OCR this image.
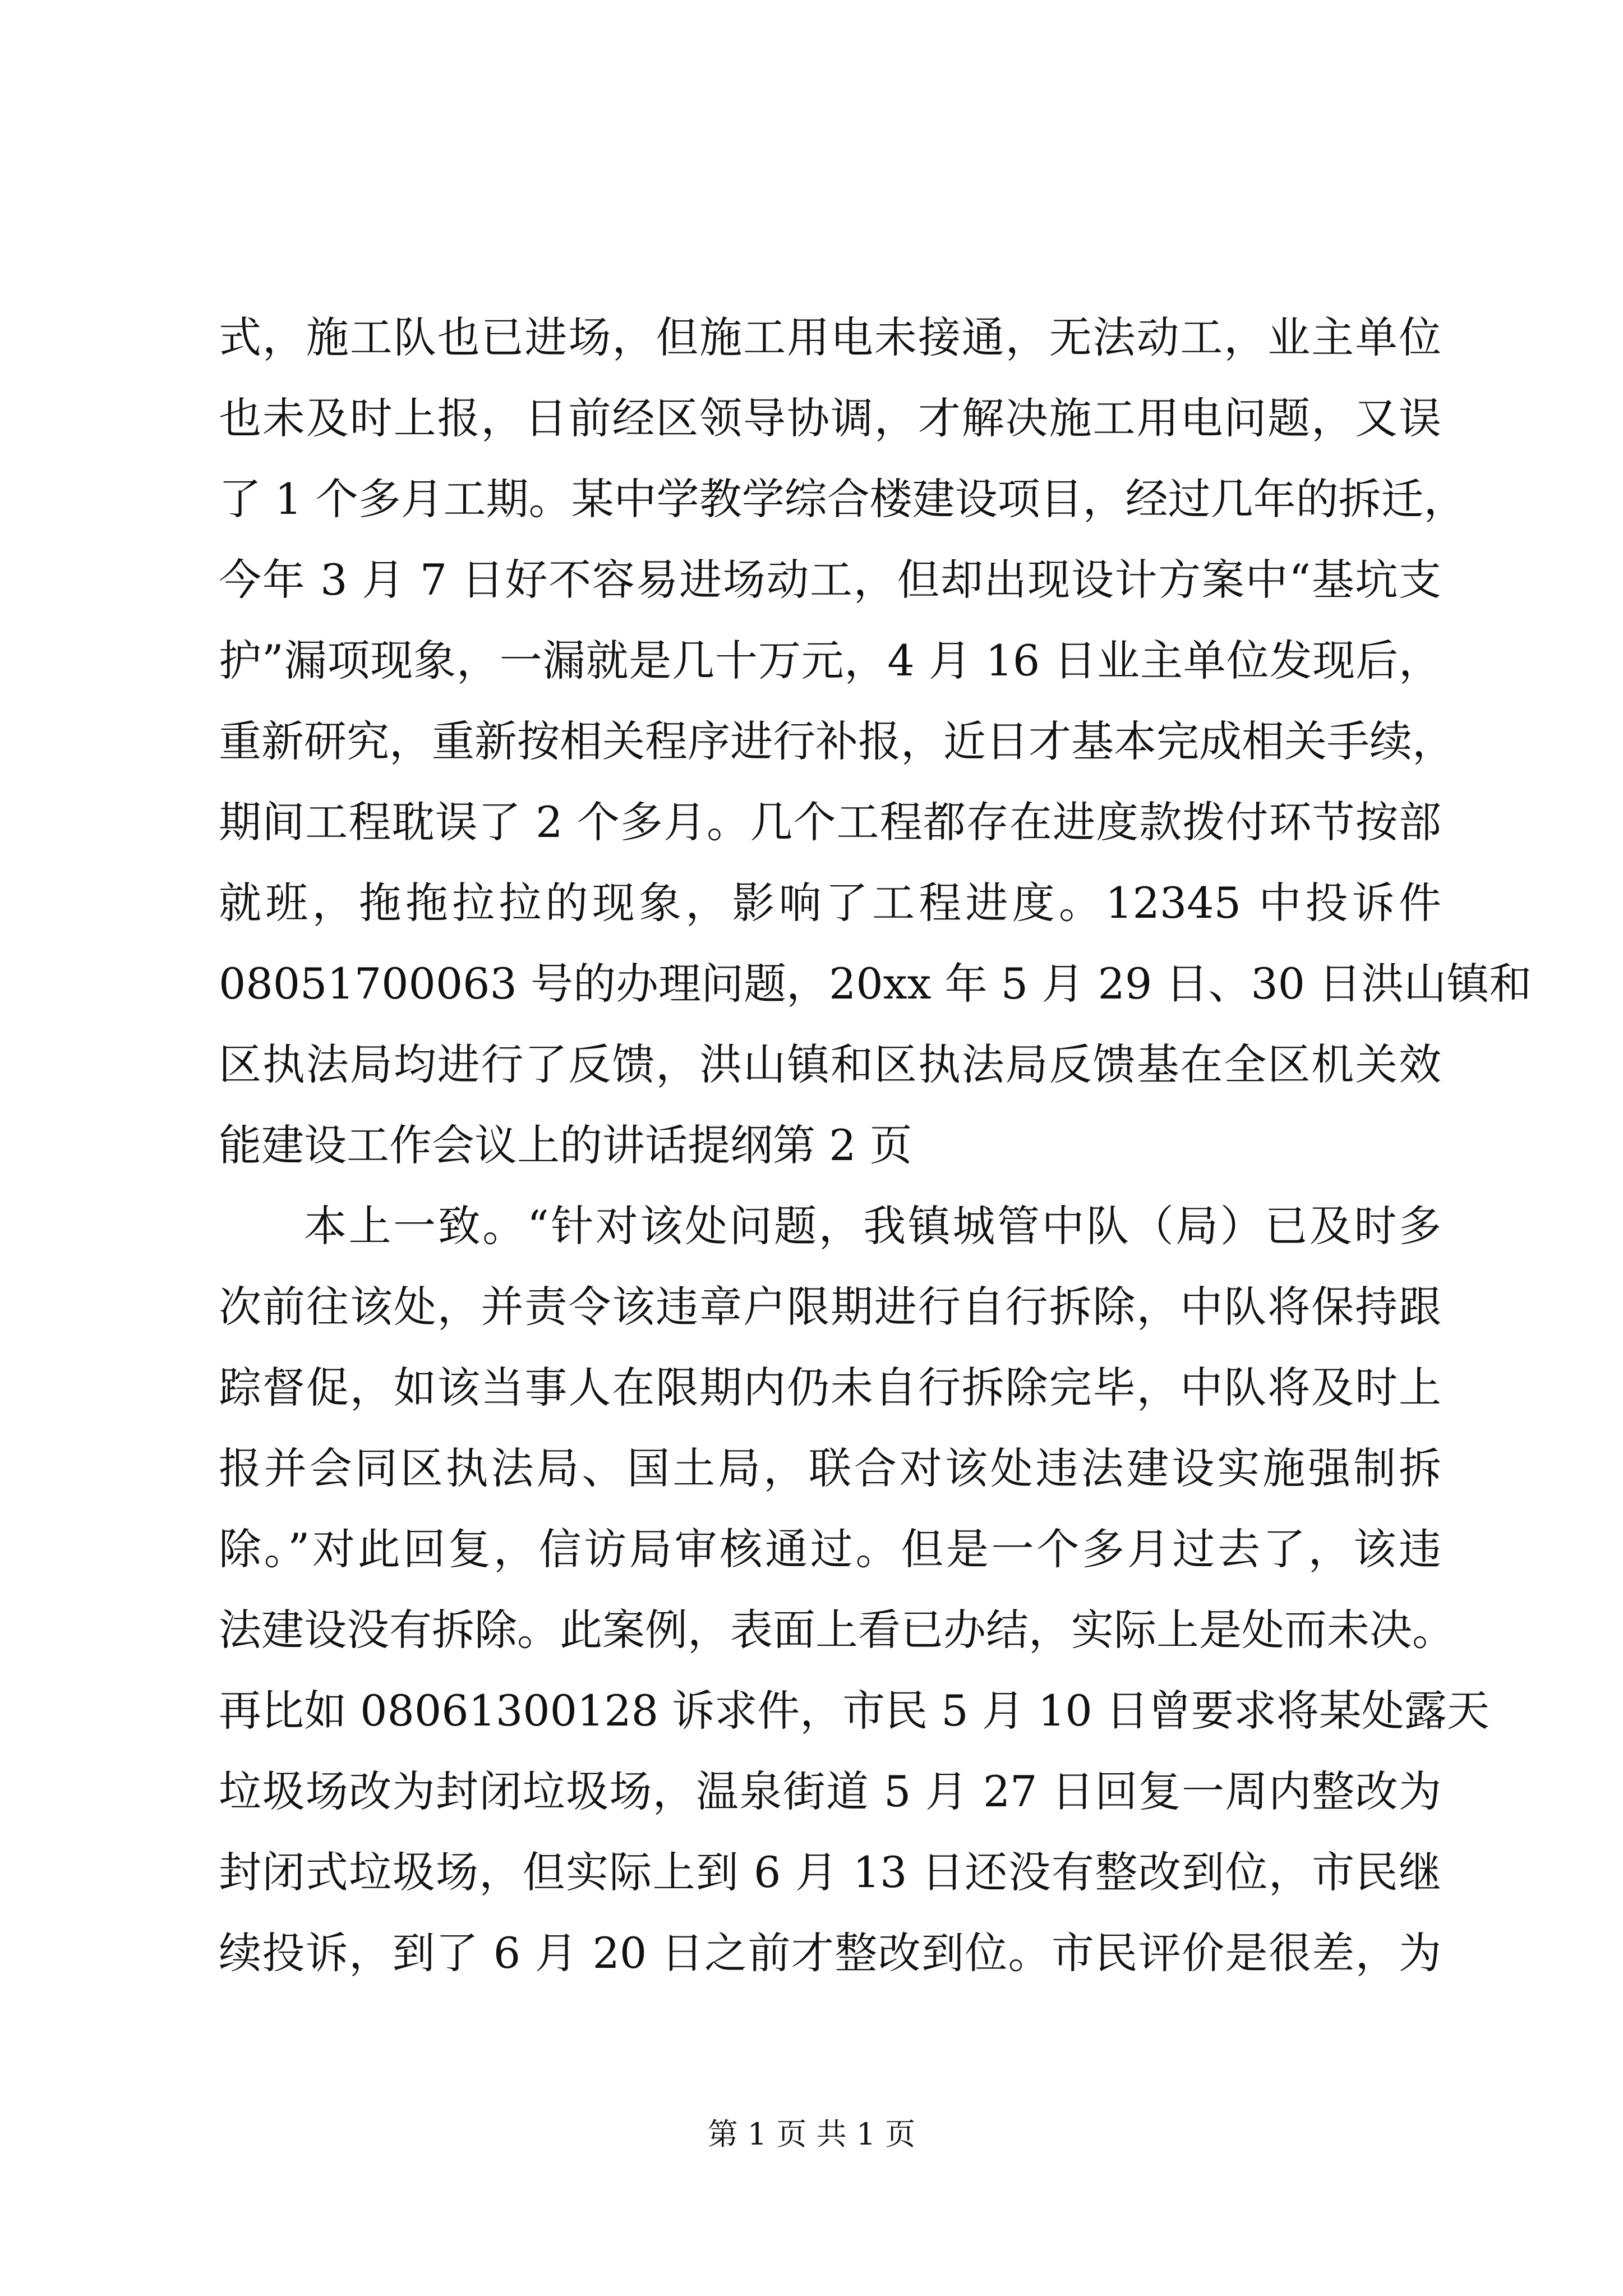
式，施工队也已进场，但施工用电未接通，无法动工，业主单位
也未及时上报，日前经区领导协调，才解决施工用电问题，又误
了 1 个多月工期。某中学教学综合楼建设项目，经过几年的拆迁，
今年 3 月 7 日好不容易进场动工，但却出现设计方案中“基坑支
护”漏项现象，一漏就是几十万元，4 月 16 日业主单位发现后，
重新研究，重新按相关程序进行补报，近日才基本完成相关手续，
期间工程耽误了 2 个多月。几个工程都存在进度款拨付环节按部
就班，拖拖拉拉的现象，影响了工程进度。12345 中投诉件
08051700063 号的办理问题，20xx 年 5 月 29 日、30 日洪山镇和
区执法局均进行了反馈，洪山镇和区执法局反馈基在全区机关效
能建设工作会议上的讲话提纲第 2 页
本上一致。“针对该处问题，我镇城管中队（局）已及时多
次前往该处，并责令该违章户限期进行自行拆除，中队将保持跟
踪督促，如该当事人在限期内仍未自行拆除完毕，中队将及时上
报并会同区执法局、国土局，联合对该处违法建设实施强制拆
除。”对此回复，信访局审核通过。但是一个多月过去了，该违
法建设没有拆除。此案例，表面上看已办结，实际上是处而未决。
再比如 08061300128 诉求件，市民 5 月 10 日曾要求将某处露天
垃圾场改为封闭垃圾场，温泉街道 5 月 27 日回复一周内整改为
封闭式垃圾场，但实际上到 6 月 13 日还没有整改到位，市民继
续投诉，到了 6 月 20 日之前才整改到位。市民评价是很差，为
第 1 页 共 1 页
